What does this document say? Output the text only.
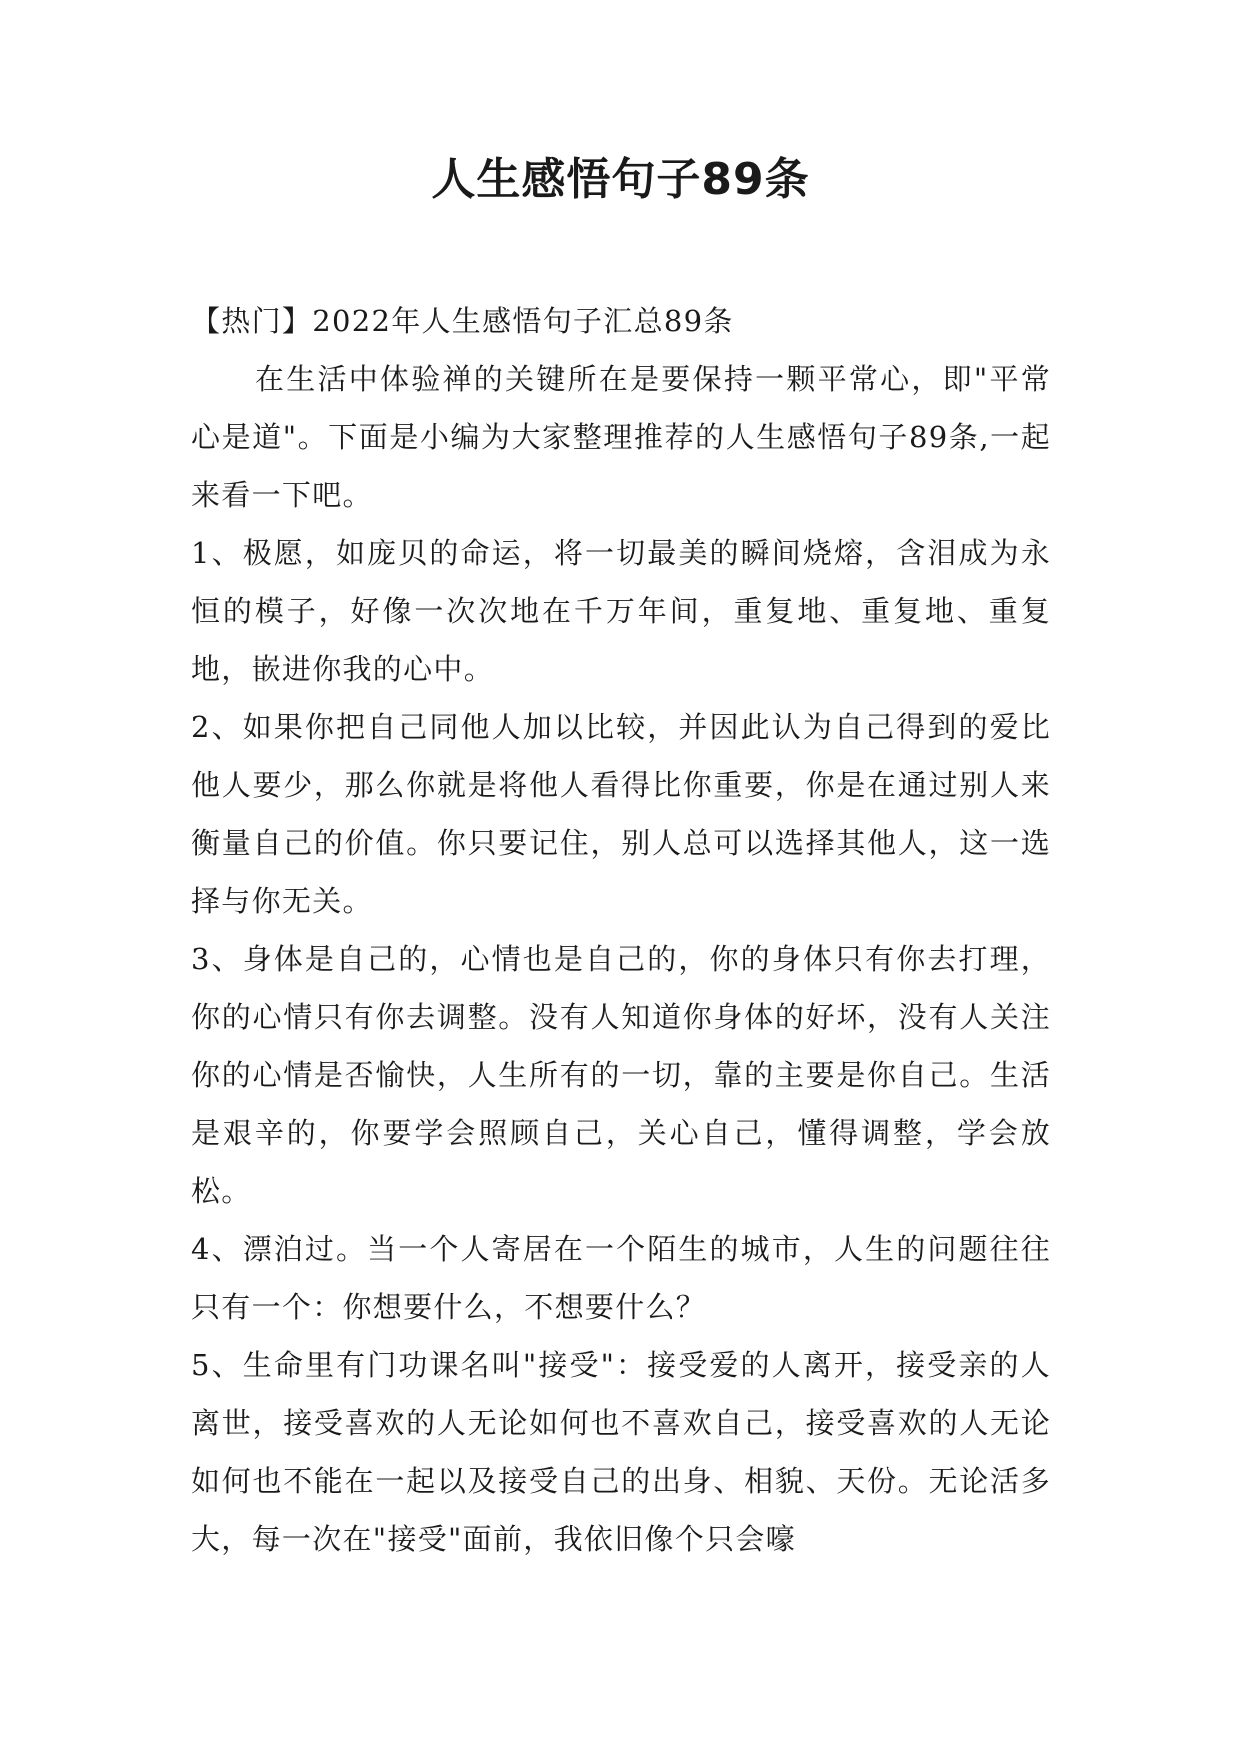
人生感悟句子89条

【热门】2022年人生感悟句子汇总89条

在生活中体验禅的关键所在是要保持一颗平常心，即"平常心是道"。下面是小编为大家整理推荐的人生感悟句子89条,一起来看一下吧。

1、极愿，如庞贝的命运，将一切最美的瞬间烧熔，含泪成为永恒的模子，好像一次次地在千万年间，重复地、重复地、重复地，嵌进你我的心中。

2、如果你把自己同他人加以比较，并因此认为自己得到的爱比他人要少，那么你就是将他人看得比你重要，你是在通过别人来衡量自己的价值。你只要记住，别人总可以选择其他人，这一选择与你无关。

3、身体是自己的，心情也是自己的，你的身体只有你去打理，你的心情只有你去调整。没有人知道你身体的好坏，没有人关注你的心情是否愉快，人生所有的一切，靠的主要是你自己。生活是艰辛的，你要学会照顾自己，关心自己，懂得调整，学会放松。

4、漂泊过。当一个人寄居在一个陌生的城市，人生的问题往往只有一个：你想要什么，不想要什么？

5、生命里有门功课名叫"接受"：接受爱的人离开，接受亲的人离世，接受喜欢的人无论如何也不喜欢自己，接受喜欢的人无论如何也不能在一起以及接受自己的出身、相貌、天份。无论活多大，每一次在"接受"面前，我依旧像个只会嚎
